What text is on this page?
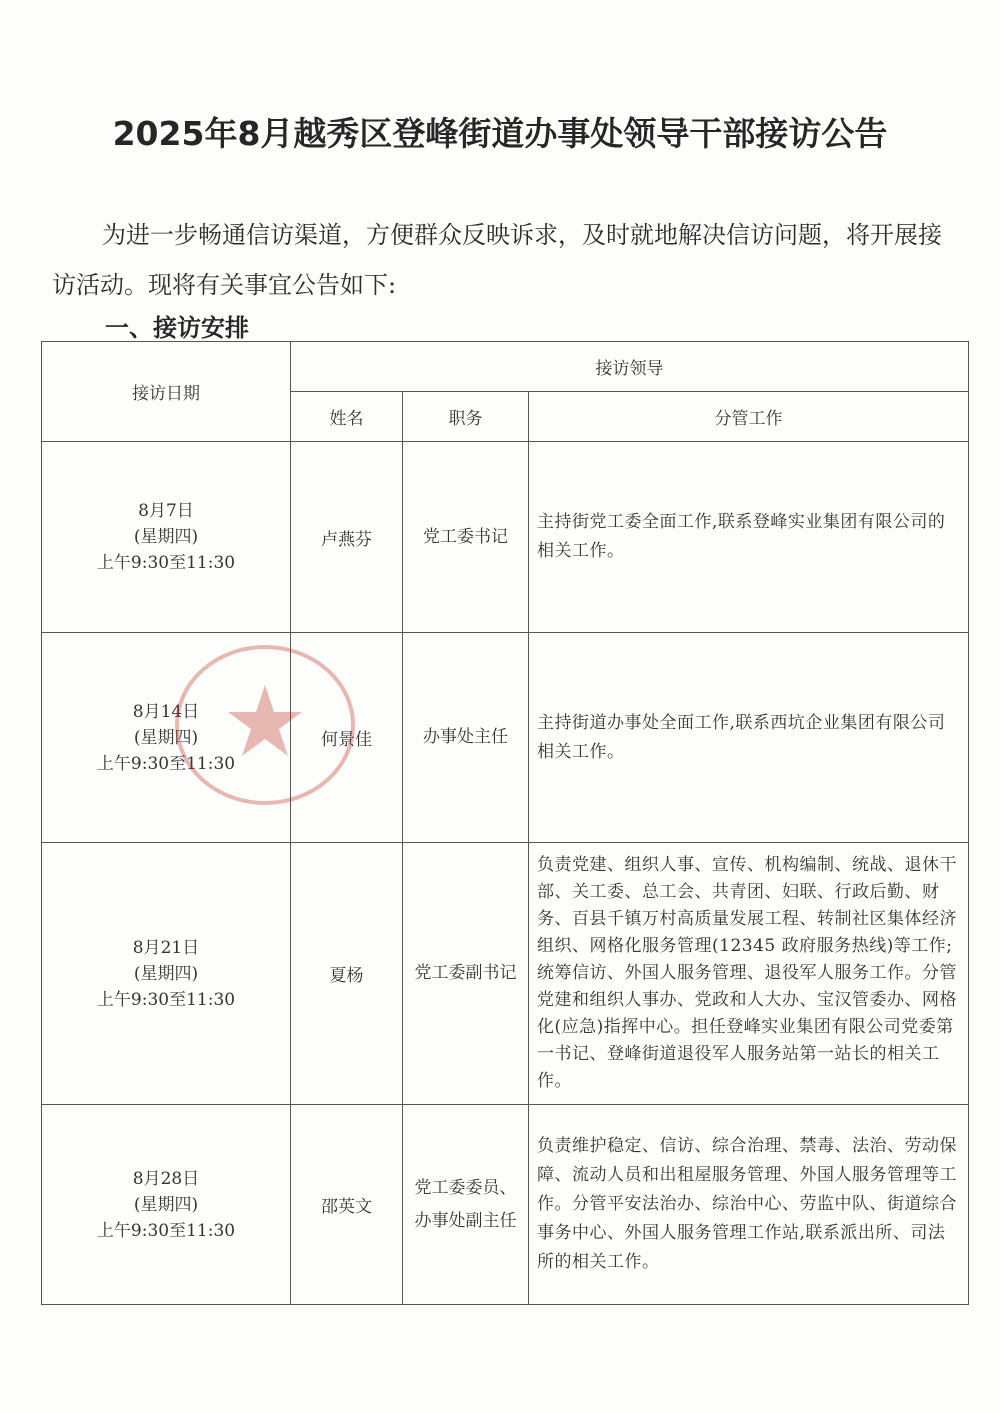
2025年8月越秀区登峰街道办事处领导干部接访公告

为进一步畅通信访渠道，方便群众反映诉求，及时就地解决信访问题，将开展接访活动。现将有关事宜公告如下:

一、接访安排
接访日期	接访领导		
	姓名	职务	分管工作

8月7日
(星期四)
上午9:30至11:30	卢燕芬	党工委书记	主持街党工委全面工作,联系登峰实业集团有限公司的相关工作。

8月14日
(星期四)
上午9:30至11:30	何景佳	办事处主任	主持街道办事处全面工作,联系西坑企业集团有限公司相关工作。

8月21日
(星期四)
上午9:30至11:30	夏杨	党工委副书记	负责党建、组织人事、宣传、机构编制、统战、退休干部、关工委、总工会、共青团、妇联、行政后勤、财务、百县千镇万村高质量发展工程、转制社区集体经济组织、网格化服务管理(12345 政府服务热线)等工作;统筹信访、外国人服务管理、退役军人服务工作。分管党建和组织人事办、党政和人大办、宝汉管委办、网格化(应急)指挥中心。担任登峰实业集团有限公司党委第一书记、登峰街道退役军人服务站第一站长的相关工作。

8月28日
(星期四)
上午9:30至11:30	邵英文	党工委委员、办事处副主任	负责维护稳定、信访、综合治理、禁毒、法治、劳动保障、流动人员和出租屋服务管理、外国人服务管理等工作。分管平安法治办、综治中心、劳监中队、街道综合事务中心、外国人服务管理工作站,联系派出所、司法所的相关工作。
